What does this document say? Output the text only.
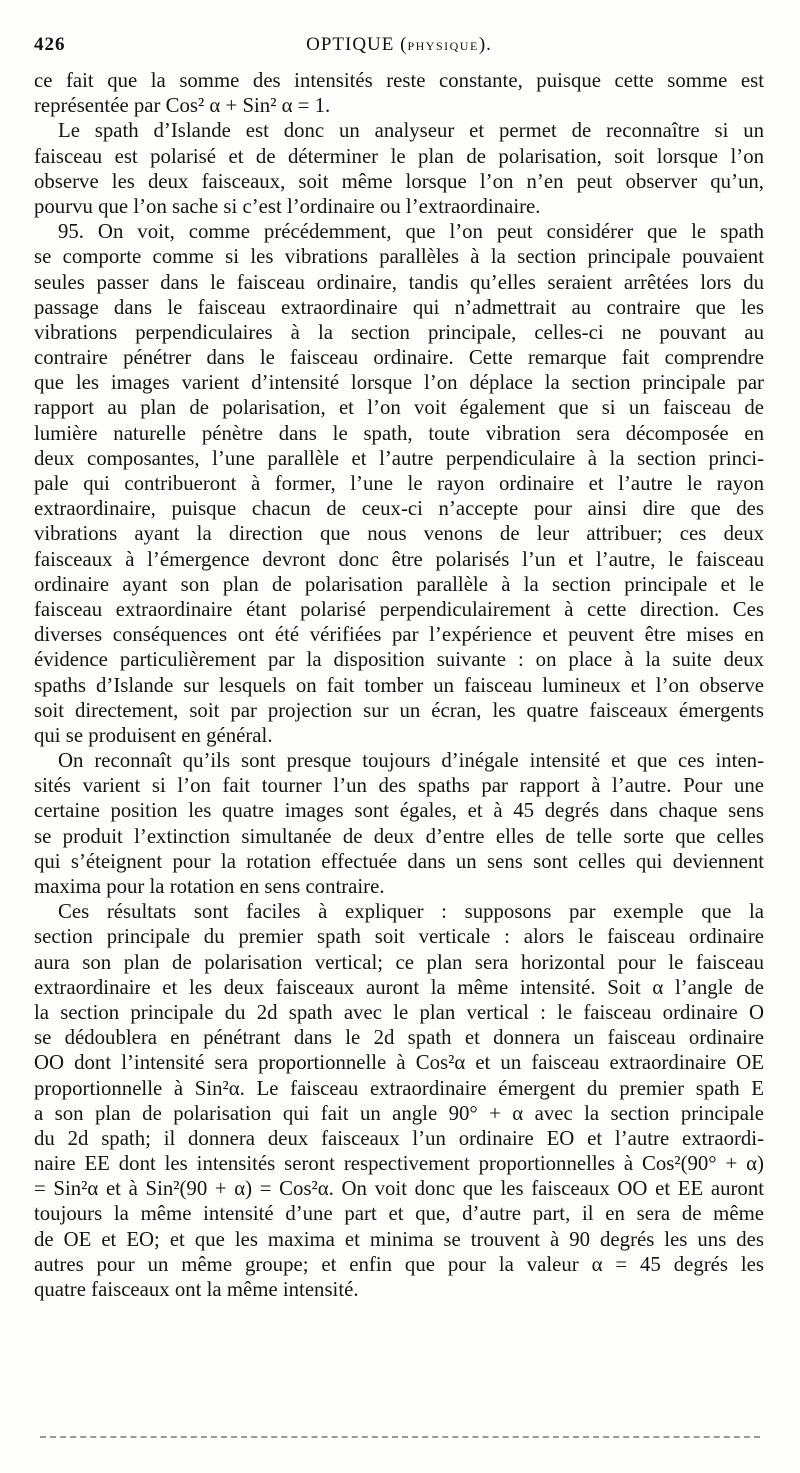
426	OPTIQUE (PHYSIQUE).
ce fait que la somme des intensités reste constante, puisque cette somme est
représentée par Cos² α + Sin² α = 1.
Le spath d’Islande est donc un analyseur et permet de reconnaître si un
faisceau est polarisé et de déterminer le plan de polarisation, soit lorsque l’on
observe les deux faisceaux, soit même lorsque l’on n’en peut observer qu’un,
pourvu que l’on sache si c’est l’ordinaire ou l’extraordinaire.
95. On voit, comme précédemment, que l’on peut considérer que le spath
se comporte comme si les vibrations parallèles à la section principale pouvaient
seules passer dans le faisceau ordinaire, tandis qu’elles seraient arrêtées lors du
passage dans le faisceau extraordinaire qui n’admettrait au contraire que les
vibrations perpendiculaires à la section principale, celles-ci ne pouvant au
contraire pénétrer dans le faisceau ordinaire. Cette remarque fait comprendre
que les images varient d’intensité lorsque l’on déplace la section principale par
rapport au plan de polarisation, et l’on voit également que si un faisceau de
lumière naturelle pénètre dans le spath, toute vibration sera décomposée en
deux composantes, l’une parallèle et l’autre perpendiculaire à la section princi-
pale qui contribueront à former, l’une le rayon ordinaire et l’autre le rayon
extraordinaire, puisque chacun de ceux-ci n’accepte pour ainsi dire que des
vibrations ayant la direction que nous venons de leur attribuer; ces deux
faisceaux à l’émergence devront donc être polarisés l’un et l’autre, le faisceau
ordinaire ayant son plan de polarisation parallèle à la section principale et le
faisceau extraordinaire étant polarisé perpendiculairement à cette direction. Ces
diverses conséquences ont été vérifiées par l’expérience et peuvent être mises en
évidence particulièrement par la disposition suivante : on place à la suite deux
spaths d’Islande sur lesquels on fait tomber un faisceau lumineux et l’on observe
soit directement, soit par projection sur un écran, les quatre faisceaux émergents
qui se produisent en général.
On reconnaît qu’ils sont presque toujours d’inégale intensité et que ces inten-
sités varient si l’on fait tourner l’un des spaths par rapport à l’autre. Pour une
certaine position les quatre images sont égales, et à 45 degrés dans chaque sens
se produit l’extinction simultanée de deux d’entre elles de telle sorte que celles
qui s’éteignent pour la rotation effectuée dans un sens sont celles qui deviennent
maxima pour la rotation en sens contraire.
Ces résultats sont faciles à expliquer : supposons par exemple que la
section principale du premier spath soit verticale : alors le faisceau ordinaire
aura son plan de polarisation vertical; ce plan sera horizontal pour le faisceau
extraordinaire et les deux faisceaux auront la même intensité. Soit α l’angle de
la section principale du 2d spath avec le plan vertical : le faisceau ordinaire O
se dédoublera en pénétrant dans le 2d spath et donnera un faisceau ordinaire
OO dont l’intensité sera proportionnelle à Cos²α et un faisceau extraordinaire OE
proportionnelle à Sin²α. Le faisceau extraordinaire émergent du premier spath E
a son plan de polarisation qui fait un angle 90° + α avec la section principale
du 2d spath; il donnera deux faisceaux l’un ordinaire EO et l’autre extraordi-
naire EE dont les intensités seront respectivement proportionnelles à Cos²(90° + α)
= Sin²α et à Sin²(90 + α) = Cos²α. On voit donc que les faisceaux OO et EE auront
toujours la même intensité d’une part et que, d’autre part, il en sera de même
de OE et EO; et que les maxima et minima se trouvent à 90 degrés les uns des
autres pour un même groupe; et enfin que pour la valeur α = 45 degrés les
quatre faisceaux ont la même intensité.
